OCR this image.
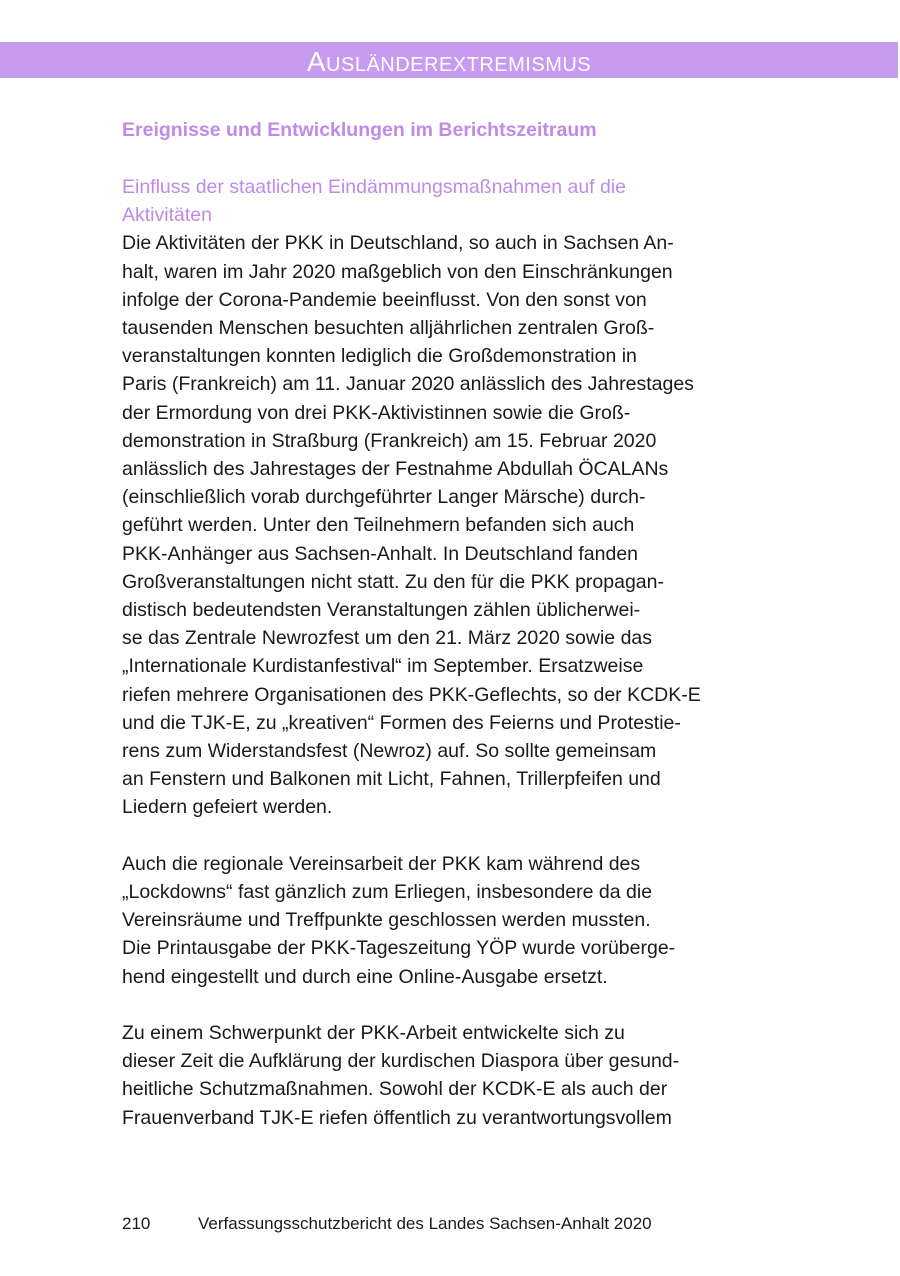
Ausländerextremismus
Ereignisse und Entwicklungen im Berichtszeitraum
Einfluss der staatlichen Eindämmungsmaßnahmen auf die
Aktivitäten
Die Aktivitäten der PKK in Deutschland, so auch in Sachsen An-
halt, waren im Jahr 2020 maßgeblich von den Einschränkungen
infolge der Corona-Pandemie beeinflusst. Von den sonst von
tausenden Menschen besuchten alljährlichen zentralen Groß-
veranstaltungen konnten lediglich die Großdemonstration in
Paris (Frankreich) am 11. Januar 2020 anlässlich des Jahrestages
der Ermordung von drei PKK-Aktivistinnen sowie die Groß-
demonstration in Straßburg (Frankreich) am 15. Februar 2020
anlässlich des Jahrestages der Festnahme Abdullah ÖCALANs
(einschließlich vorab durchgeführter Langer Märsche) durch-
geführt werden. Unter den Teilnehmern befanden sich auch
PKK-Anhänger aus Sachsen-Anhalt. In Deutschland fanden
Großveranstaltungen nicht statt. Zu den für die PKK propagan-
distisch bedeutendsten Veranstaltungen zählen üblicherwei-
se das Zentrale Newrozfest um den 21. März 2020 sowie das
„Internationale Kurdistanfestival“ im September. Ersatzweise
riefen mehrere Organisationen des PKK-Geflechts, so der KCDK-E
und die TJK-E, zu „kreativen“ Formen des Feierns und Protestie-
rens zum Widerstandsfest (Newroz) auf. So sollte gemeinsam
an Fenstern und Balkonen mit Licht, Fahnen, Trillerpfeifen und
Liedern gefeiert werden.
Auch die regionale Vereinsarbeit der PKK kam während des
„Lockdowns“ fast gänzlich zum Erliegen, insbesondere da die
Vereinsräume und Treffpunkte geschlossen werden mussten.
Die Printausgabe der PKK-Tageszeitung YÖP wurde vorüberge-
hend eingestellt und durch eine Online-Ausgabe ersetzt.
Zu einem Schwerpunkt der PKK-Arbeit entwickelte sich zu
dieser Zeit die Aufklärung der kurdischen Diaspora über gesund-
heitliche Schutzmaßnahmen. Sowohl der KCDK-E als auch der
Frauenverband TJK-E riefen öffentlich zu verantwortungsvollem
210	Verfassungsschutzbericht des Landes Sachsen-Anhalt 2020
